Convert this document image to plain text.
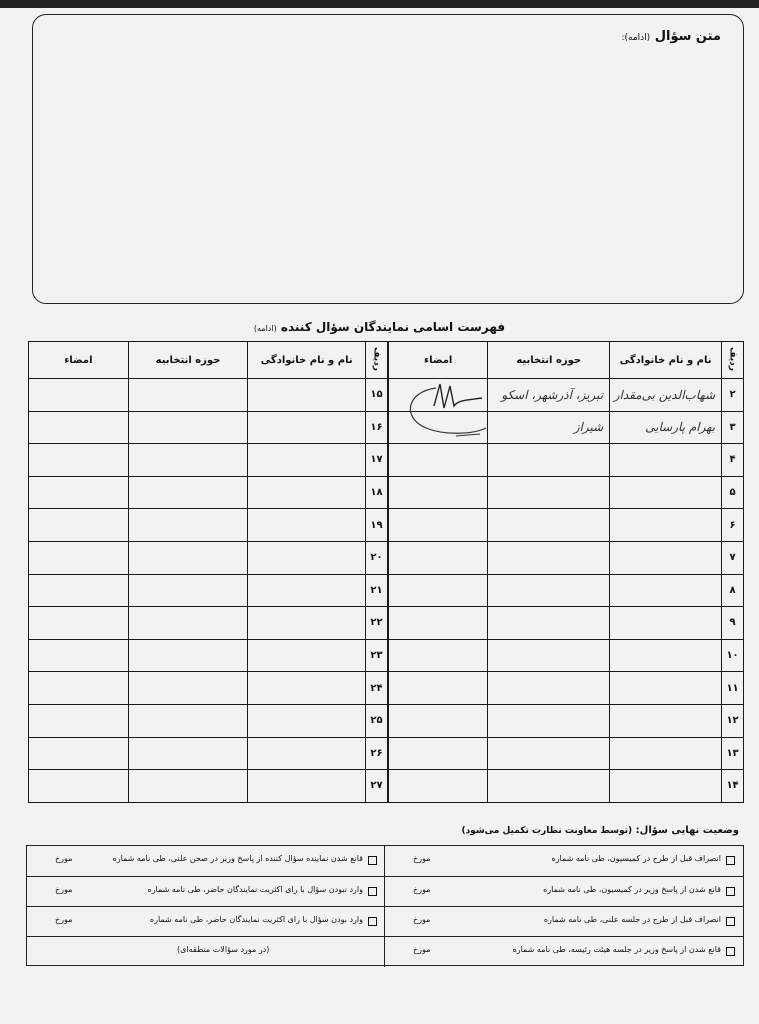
متن سؤال (ادامه):
فهرست اسامی نمایندگان سؤال کننده (ادامه)
ردیف	نام و نام خانوادگی	حوزه انتخابیه	امضاء
۲	شهاب‌الدین بی‌مقدار	تبریز، آذرشهر، اسکو	
۳	بهرام پارسایی	شیراز	
۴			
۵			
۶			
۷			
۸			
۹			
۱۰			
۱۱			
۱۲			
۱۳			
۱۴			
ردیف	نام و نام خانوادگی	حوزه انتخابیه	امضاء
۱۵			
۱۶			
۱۷			
۱۸			
۱۹			
۲۰			
۲۱			
۲۲			
۲۳			
۲۴			
۲۵			
۲۶			
۲۷			
وضعیت نهایی سؤال: (توسط معاونت نظارت تکمیل می‌شود)
انصراف قبل از طرح در کمیسیون، طی نامه شماره
مورخ
قانع شدن نماینده سؤال کننده از پاسخ وزیر در صحن علنی، طی نامه شماره
مورخ
قانع شدن از پاسخ وزیر در کمیسیون، طی نامه شماره
مورخ
وارد نبودن سؤال با رای اکثریت نمایندگان حاضر، طی نامه شماره
مورخ
انصراف قبل از طرح در جلسه علنی، طی نامه شماره
مورخ
وارد بودن سؤال با رای اکثریت نمایندگان حاضر، طی نامه شماره
مورخ
قانع شدن از پاسخ وزیر در جلسه هیئت رئیسه، طی نامه شماره
مورخ
(در مورد سؤالات منطقه‌ای)
